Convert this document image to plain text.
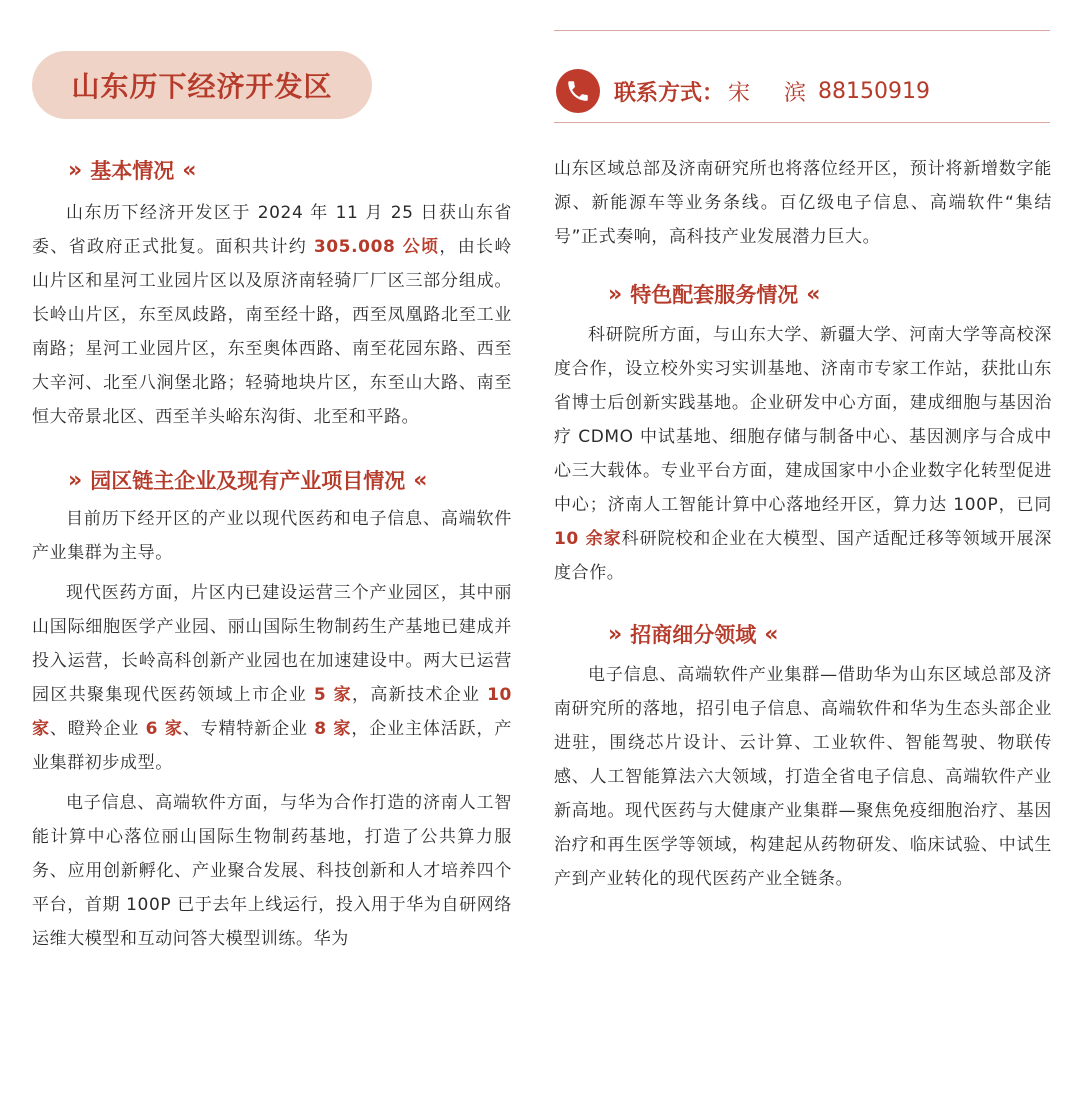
山东历下经济开发区	联系方式： 宋　滨 88150919
» 基本情况 «

山东历下经济开发区于 2024 年 11 月 25 日获山东省委、省政府正式批复。面积共计约 305.008 公顷，由长岭山片区和星河工业园片区以及原济南轻骑厂厂区三部分组成。长岭山片区，东至凤歧路，南至经十路，西至凤凰路北至工业南路；星河工业园片区，东至奥体西路、南至花园东路、西至大辛河、北至八涧堡北路；轻骑地块片区，东至山大路、南至恒大帝景北区、西至羊头峪东沟街、北至和平路。

» 园区链主企业及现有产业项目情况 «

目前历下经开区的产业以现代医药和电子信息、高端软件产业集群为主导。

现代医药方面，片区内已建设运营三个产业园区，其中丽山国际细胞医学产业园、丽山国际生物制药生产基地已建成并投入运营，长岭高科创新产业园也在加速建设中。两大已运营园区共聚集现代医药领域上市企业 5 家，高新技术企业 10 家、瞪羚企业 6 家、专精特新企业 8 家，企业主体活跃，产业集群初步成型。

电子信息、高端软件方面，与华为合作打造的济南人工智能计算中心落位丽山国际生物制药基地，打造了公共算力服务、应用创新孵化、产业聚合发展、科技创新和人才培养四个平台，首期 100P 已于去年上线运行，投入用于华为自研网络运维大模型和互动问答大模型训练。华为

山东区域总部及济南研究所也将落位经开区，预计将新增数字能源、新能源车等业务条线。百亿级电子信息、高端软件“集结号”正式奏响，高科技产业发展潜力巨大。

» 特色配套服务情况 «

科研院所方面，与山东大学、新疆大学、河南大学等高校深度合作，设立校外实习实训基地、济南市专家工作站，获批山东省博士后创新实践基地。企业研发中心方面，建成细胞与基因治疗 CDMO 中试基地、细胞存储与制备中心、基因测序与合成中心三大载体。专业平台方面，建成国家中小企业数字化转型促进中心；济南人工智能计算中心落地经开区，算力达 100P，已同10 余家科研院校和企业在大模型、国产适配迁移等领域开展深度合作。

» 招商细分领域 «

电子信息、高端软件产业集群—借助华为山东区域总部及济南研究所的落地，招引电子信息、高端软件和华为生态头部企业进驻，围绕芯片设计、云计算、工业软件、智能驾驶、物联传感、人工智能算法六大领域，打造全省电子信息、高端软件产业新高地。现代医药与大健康产业集群—聚焦免疫细胞治疗、基因治疗和再生医学等领域，构建起从药物研发、临床试验、中试生产到产业转化的现代医药产业全链条。
